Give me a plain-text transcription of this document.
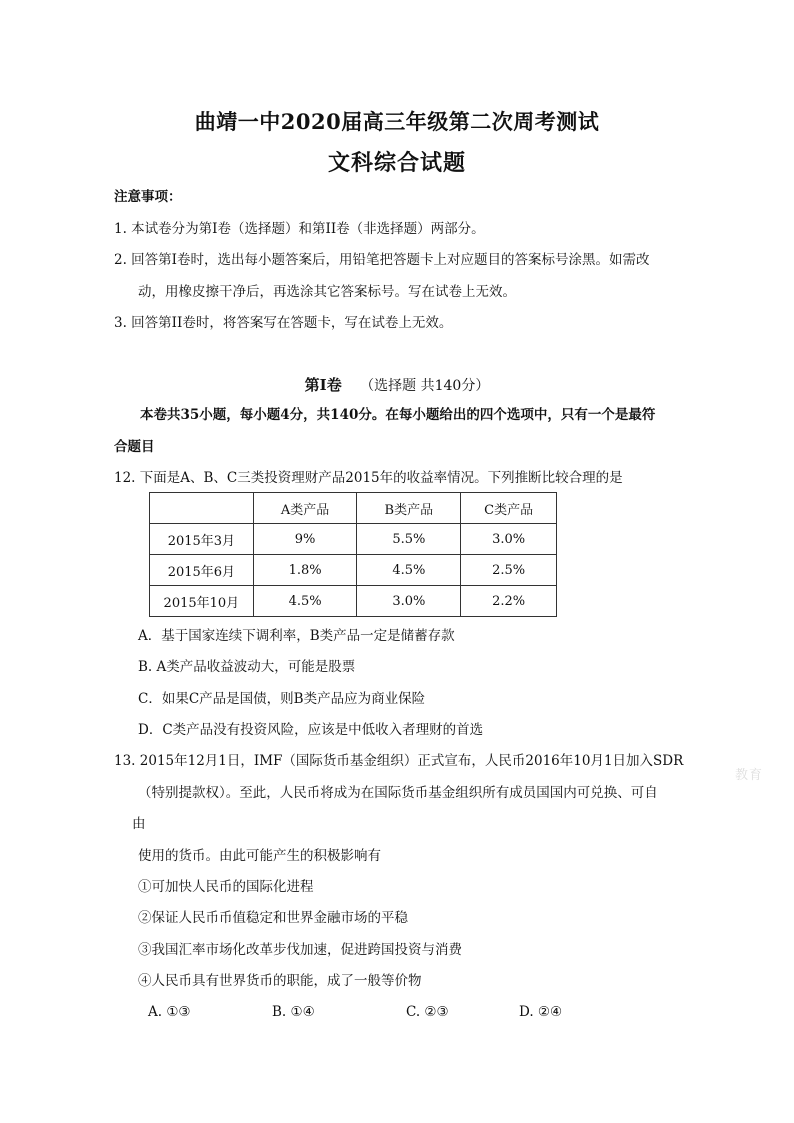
曲靖一中2020届高三年级第二次周考测试
文科综合试题
注意事项：
1. 本试卷分为第Ⅰ卷（选择题）和第II卷（非选择题）两部分。
2. 回答第Ⅰ卷时，选出每小题答案后，用铅笔把答题卡上对应题目的答案标号涂黑。如需改
动，用橡皮擦干净后，再选涂其它答案标号。写在试卷上无效。
3. 回答第II卷时，将答案写在答题卡，写在试卷上无效。
第Ⅰ卷 （选择题 共140分）
本卷共35小题，每小题4分，共140分。在每小题给出的四个选项中，只有一个是最符
合题目
12. 下面是A、B、C三类投资理财产品2015年的收益率情况。下列推断比较合理的是
	A类产品	B类产品	C类产品
2015年3月	9%	5.5%	3.0%
2015年6月	1.8%	4.5%	2.5%
2015年10月	4.5%	3.0%	2.2%
A．基于国家连续下调利率，B类产品一定是储蓄存款
B. A类产品收益波动大，可能是股票
C．如果C产品是国债，则B类产品应为商业保险
D．C类产品没有投资风险，应该是中低收入者理财的首选
13. 2015年12月1日，IMF（国际货币基金组织）正式宣布，人民币2016年10月1日加入SDR
（特别提款权）。至此，人民币将成为在国际货币基金组织所有成员国国内可兑换、可自
由
使用的货币。由此可能产生的积极影响有
①可加快人民币的国际化进程
②保证人民币币值稳定和世界金融市场的平稳
③我国汇率市场化改革步伐加速，促进跨国投资与消费
④人民币具有世界货币的职能，成了一般等价物
A. ①③	B. ①④	C. ②③	D. ②④
教育
